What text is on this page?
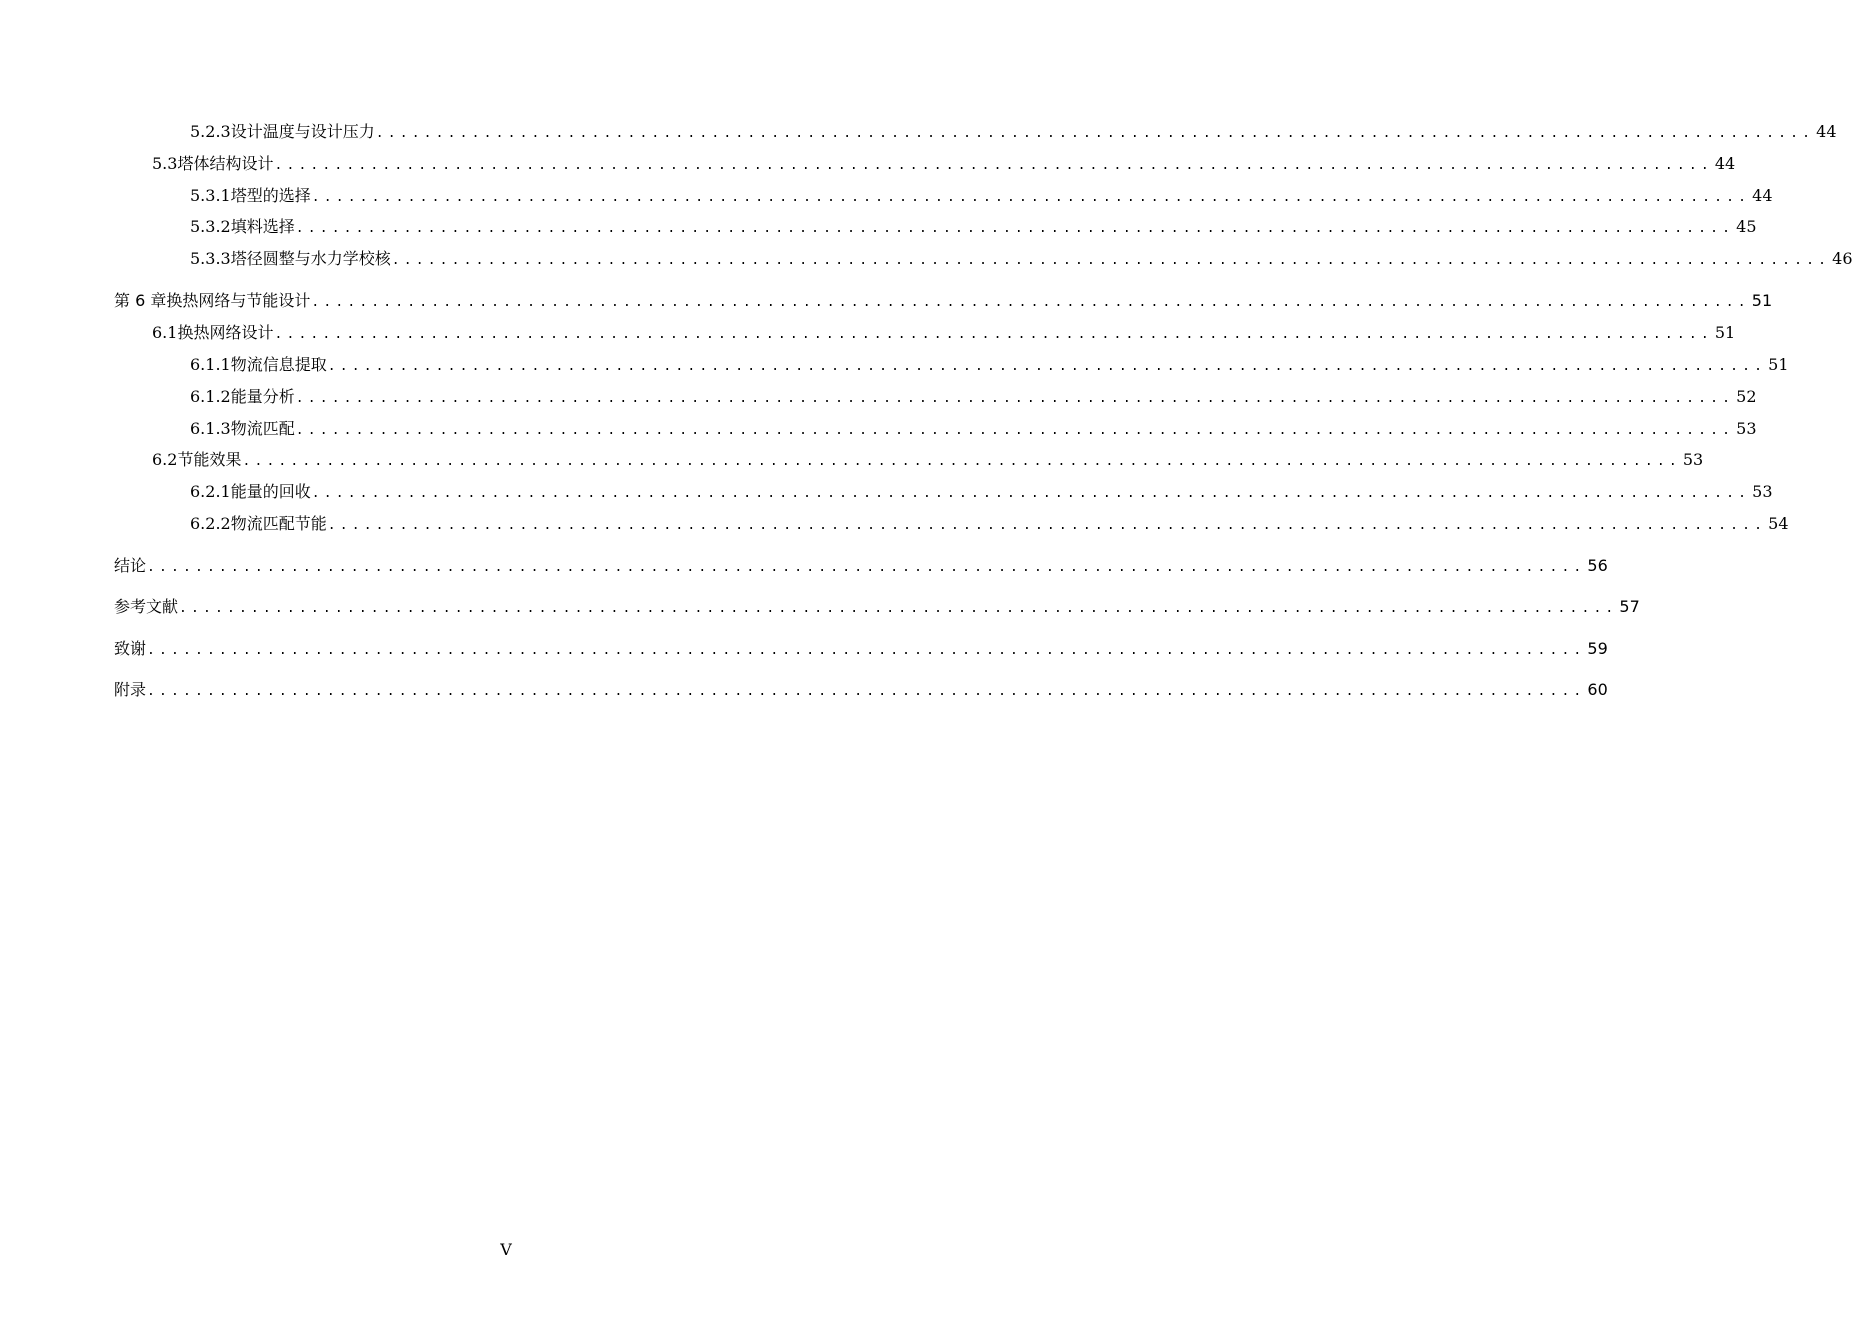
5.2.3 设计温度与设计压力 ........................................................................................................................ 44
5.3 塔体结构设计 ........................................................................................................................ 44
5.3.1 塔型的选择 ........................................................................................................................ 44
5.3.2 填料选择 ........................................................................................................................ 45
5.3.3 塔径圆整与水力学校核 ........................................................................................................................ 46
第 6 章 换热网络与节能设计 ........................................................................................................................ 51
6.1 换热网络设计 ........................................................................................................................ 51
6.1.1 物流信息提取 ........................................................................................................................ 51
6.1.2 能量分析 ........................................................................................................................ 52
6.1.3 物流匹配 ........................................................................................................................ 53
6.2 节能效果 ........................................................................................................................ 53
6.2.1 能量的回收 ........................................................................................................................ 53
6.2.2 物流匹配节能 ........................................................................................................................ 54
结论 ........................................................................................................................ 56
参考文献 ........................................................................................................................ 57
致谢 ........................................................................................................................ 59
附录 ........................................................................................................................ 60
V
